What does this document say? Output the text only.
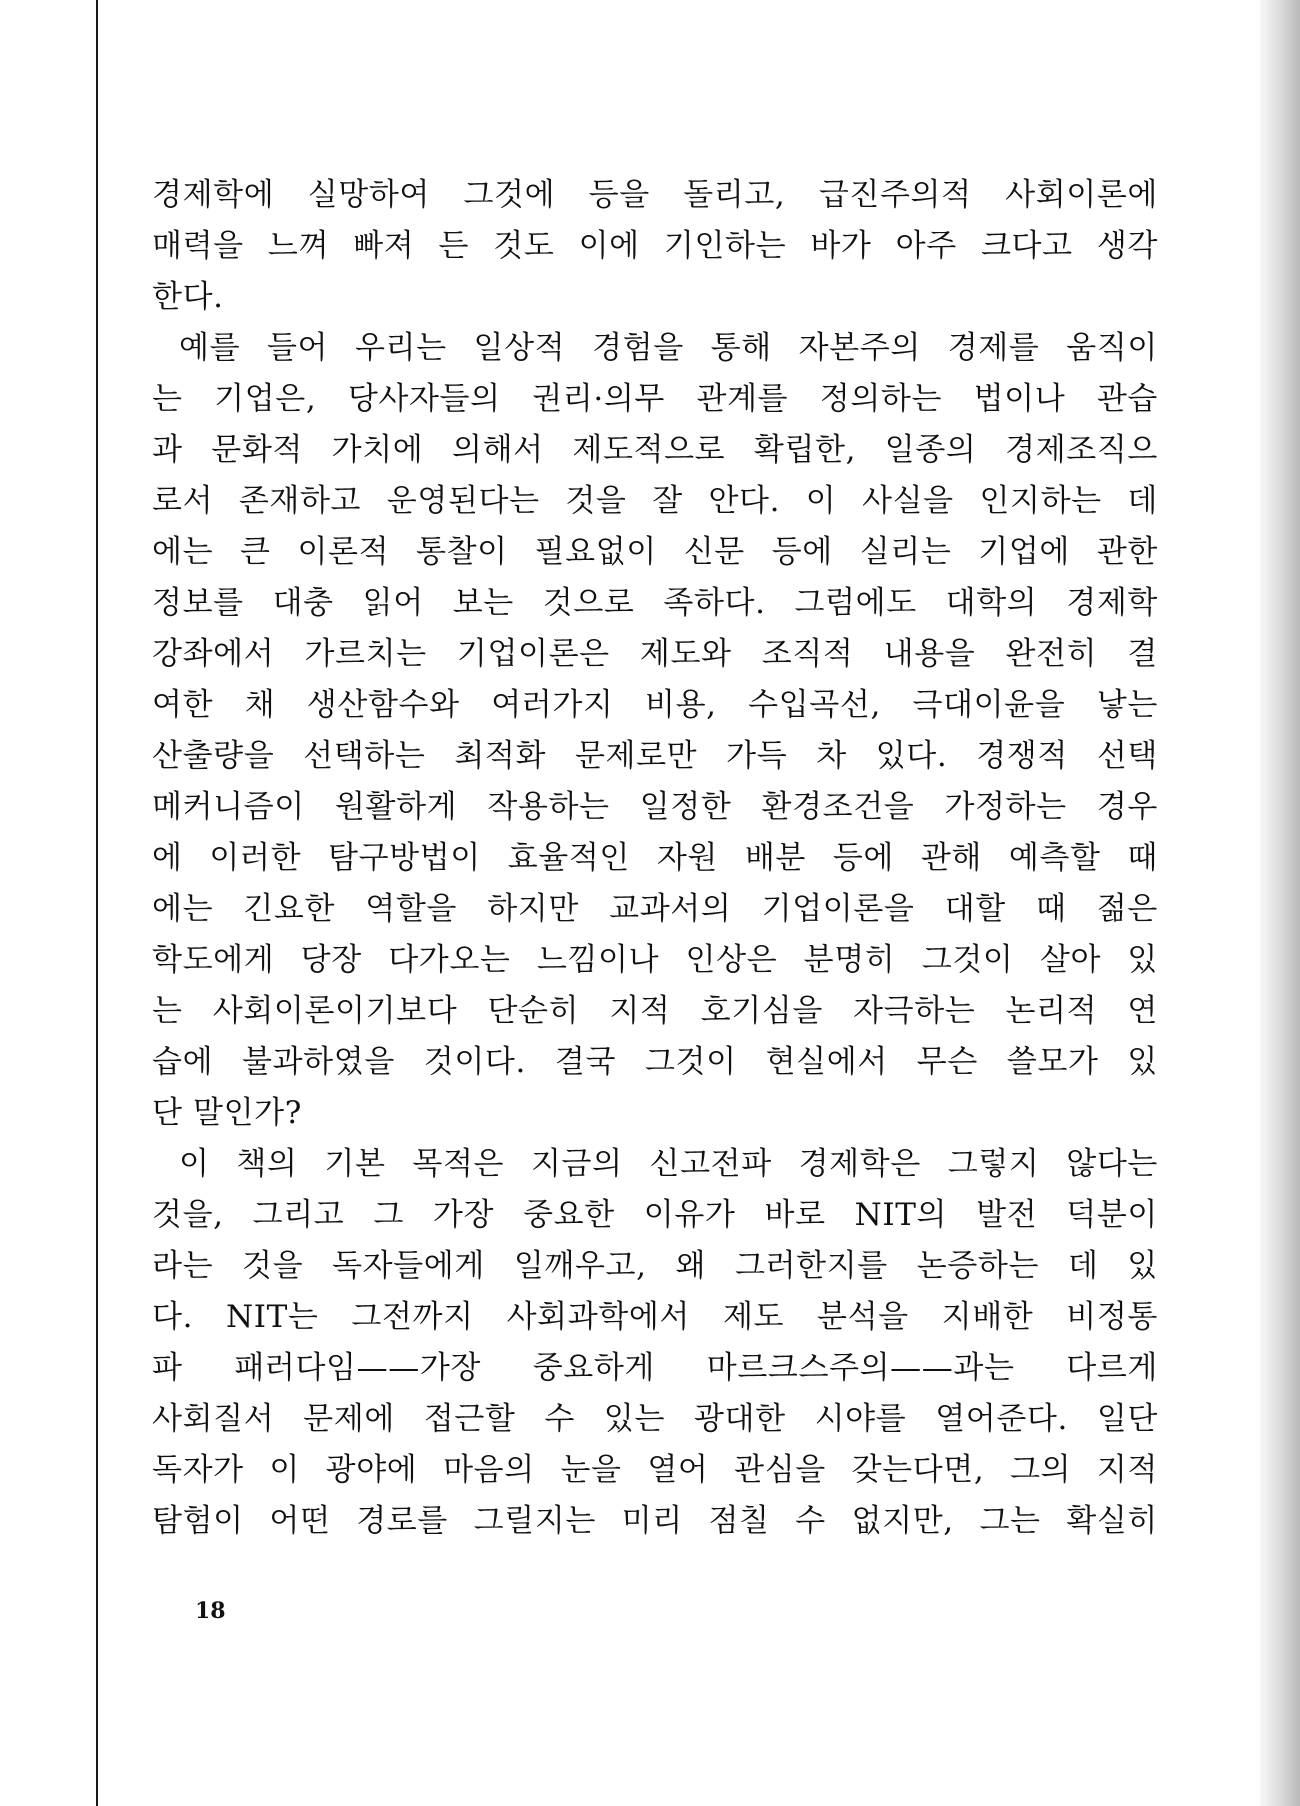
경제학에 실망하여 그것에 등을 돌리고, 급진주의적 사회이론에
매력을 느껴 빠져 든 것도 이에 기인하는 바가 아주 크다고 생각
한다.
예를 들어 우리는 일상적 경험을 통해 자본주의 경제를 움직이
는 기업은, 당사자들의 권리·의무 관계를 정의하는 법이나 관습
과 문화적 가치에 의해서 제도적으로 확립한, 일종의 경제조직으
로서 존재하고 운영된다는 것을 잘 안다. 이 사실을 인지하는 데
에는 큰 이론적 통찰이 필요없이 신문 등에 실리는 기업에 관한
정보를 대충 읽어 보는 것으로 족하다. 그럼에도 대학의 경제학
강좌에서 가르치는 기업이론은 제도와 조직적 내용을 완전히 결
여한 채 생산함수와 여러가지 비용, 수입곡선, 극대이윤을 낳는
산출량을 선택하는 최적화 문제로만 가득 차 있다. 경쟁적 선택
메커니즘이 원활하게 작용하는 일정한 환경조건을 가정하는 경우
에 이러한 탐구방법이 효율적인 자원 배분 등에 관해 예측할 때
에는 긴요한 역할을 하지만 교과서의 기업이론을 대할 때 젊은
학도에게 당장 다가오는 느낌이나 인상은 분명히 그것이 살아 있
는 사회이론이기보다 단순히 지적 호기심을 자극하는 논리적 연
습에 불과하였을 것이다. 결국 그것이 현실에서 무슨 쓸모가 있
단 말인가?
이 책의 기본 목적은 지금의 신고전파 경제학은 그렇지 않다는
것을, 그리고 그 가장 중요한 이유가 바로 NIT의 발전 덕분이
라는 것을 독자들에게 일깨우고, 왜 그러한지를 논증하는 데 있
다. NIT는 그전까지 사회과학에서 제도 분석을 지배한 비정통
파 패러다임——가장 중요하게 마르크스주의——과는 다르게
사회질서 문제에 접근할 수 있는 광대한 시야를 열어준다. 일단
독자가 이 광야에 마음의 눈을 열어 관심을 갖는다면, 그의 지적
탐험이 어떤 경로를 그릴지는 미리 점칠 수 없지만, 그는 확실히
18
